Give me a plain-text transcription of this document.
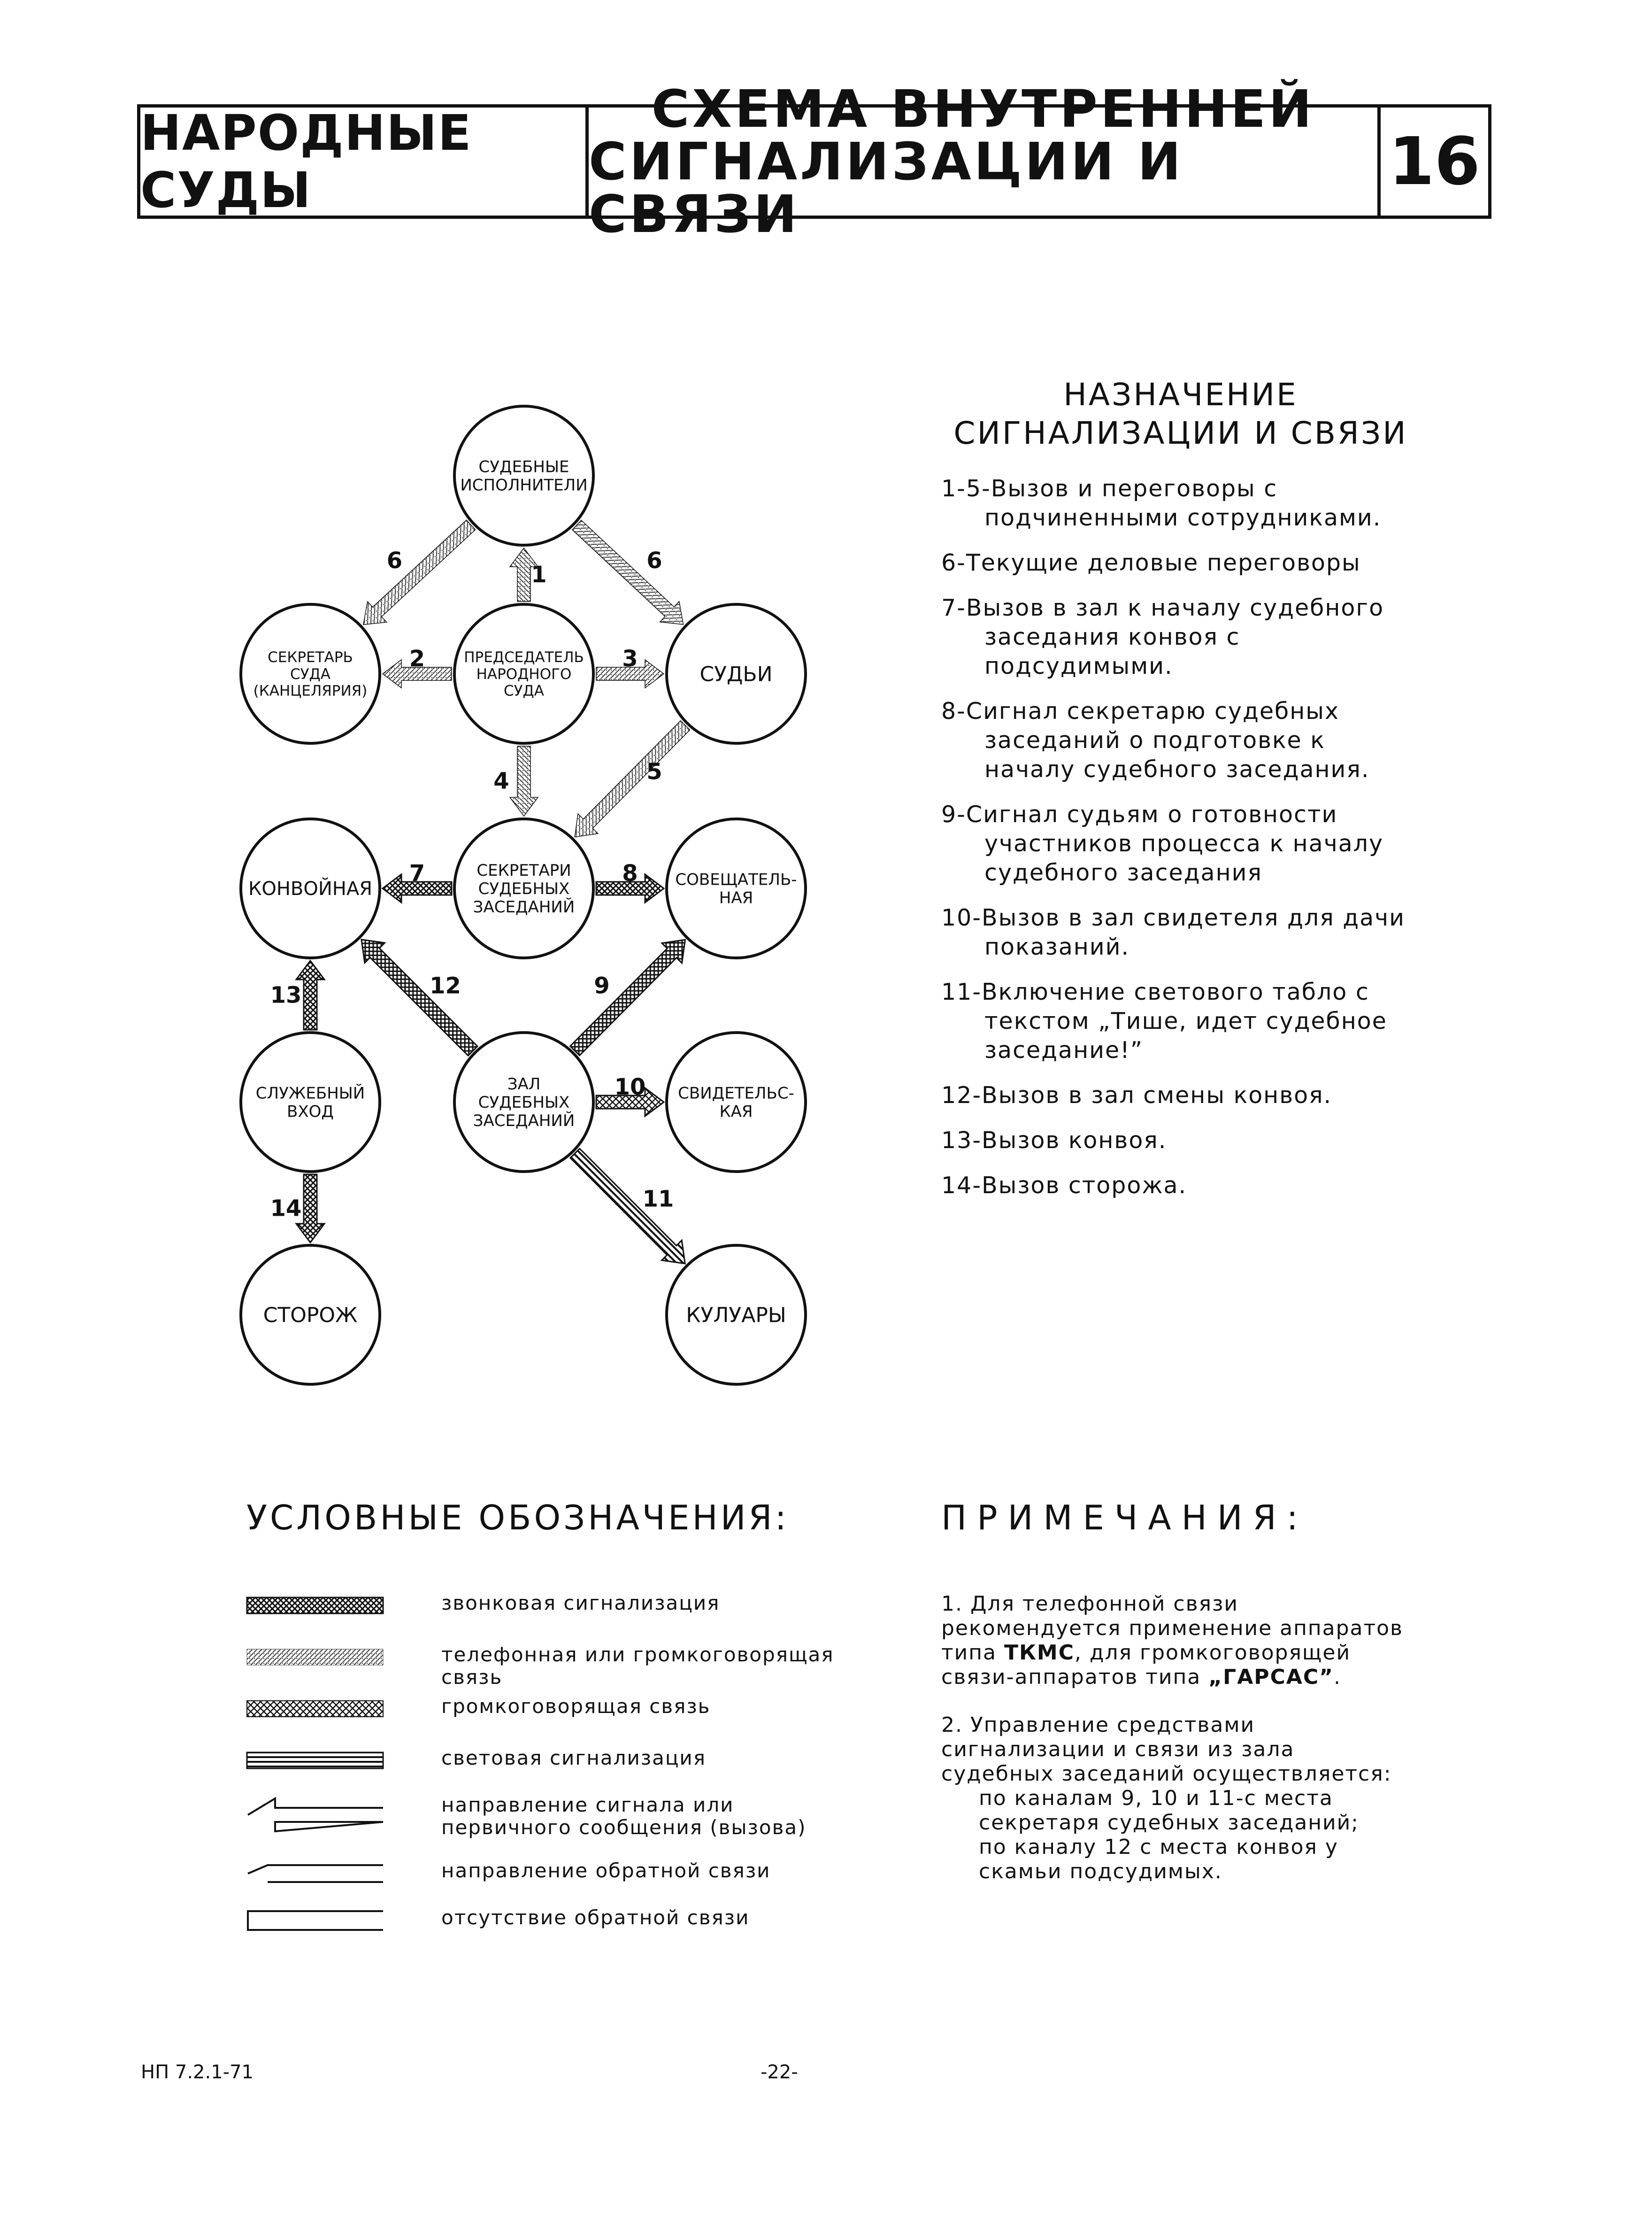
НАРОДНЫЕ СУДЫ
СХЕМА ВНУТРЕННЕЙ
СИГНАЛИЗАЦИИ И СВЯЗИ
16
1
2	3
4	5
6	6
7	8
9
10
11
12
13
14
СУДЕБНЫЕ
ИСПОЛНИТЕЛИ
СЕКРЕТАРЬ
СУДА
(КАНЦЕЛЯРИЯ)
ПРЕДСЕДАТЕЛЬ
НАРОДНОГО
СУДА
СУДЬИ
КОНВОЙНАЯ
СЕКРЕТАРИ
СУДЕБНЫХ
ЗАСЕДАНИЙ
СОВЕЩАТЕЛЬ-
НАЯ
СЛУЖЕБНЫЙ
ВХОД
ЗАЛ
СУДЕБНЫХ
ЗАСЕДАНИЙ
СВИДЕТЕЛЬС-
КАЯ
СТОРОЖ	КУЛУАРЫ
НАЗНАЧЕНИЕ
СИГНАЛИЗАЦИИ И СВЯЗИ
1-5-Вызов и переговоры с подчиненными сотрудниками.
6-Текущие деловые переговоры
7-Вызов в зал к началу судебного заседания конвоя с подсудимыми.
8-Сигнал секретарю судебных заседаний о подготовке к началу судебного заседания.
9-Сигнал судьям о готовности участников процесса к началу судебного заседания
10-Вызов в зал свидетеля для дачи показаний.
11-Включение светового табло с текстом „Тише, идет судебное заседание!”
12-Вызов в зал смены конвоя.
13-Вызов конвоя.
14-Вызов сторожа.
УСЛОВНЫЕ ОБОЗНАЧЕНИЯ:
звонковая сигнализация
телефонная или громкоговорящая связь
громкоговорящая связь
световая сигнализация
направление сигнала или первичного сообщения (вызова)
направление обратной связи
отсутствие обратной связи
ПРИМЕЧАНИЯ:

1. Для телефонной связи рекомендуется применение аппаратов типа ТКМС, для громкоговорящей связи-аппаратов типа „ГАРСАС”.

2. Управление средствами сигнализации и связи из зала судебных заседаний осуществляется:

по каналам 9, 10 и 11-с места секретаря судебных заседаний;

по каналу 12 с места конвоя у скамьи подсудимых.

НП 7.2.1-71	-22-
